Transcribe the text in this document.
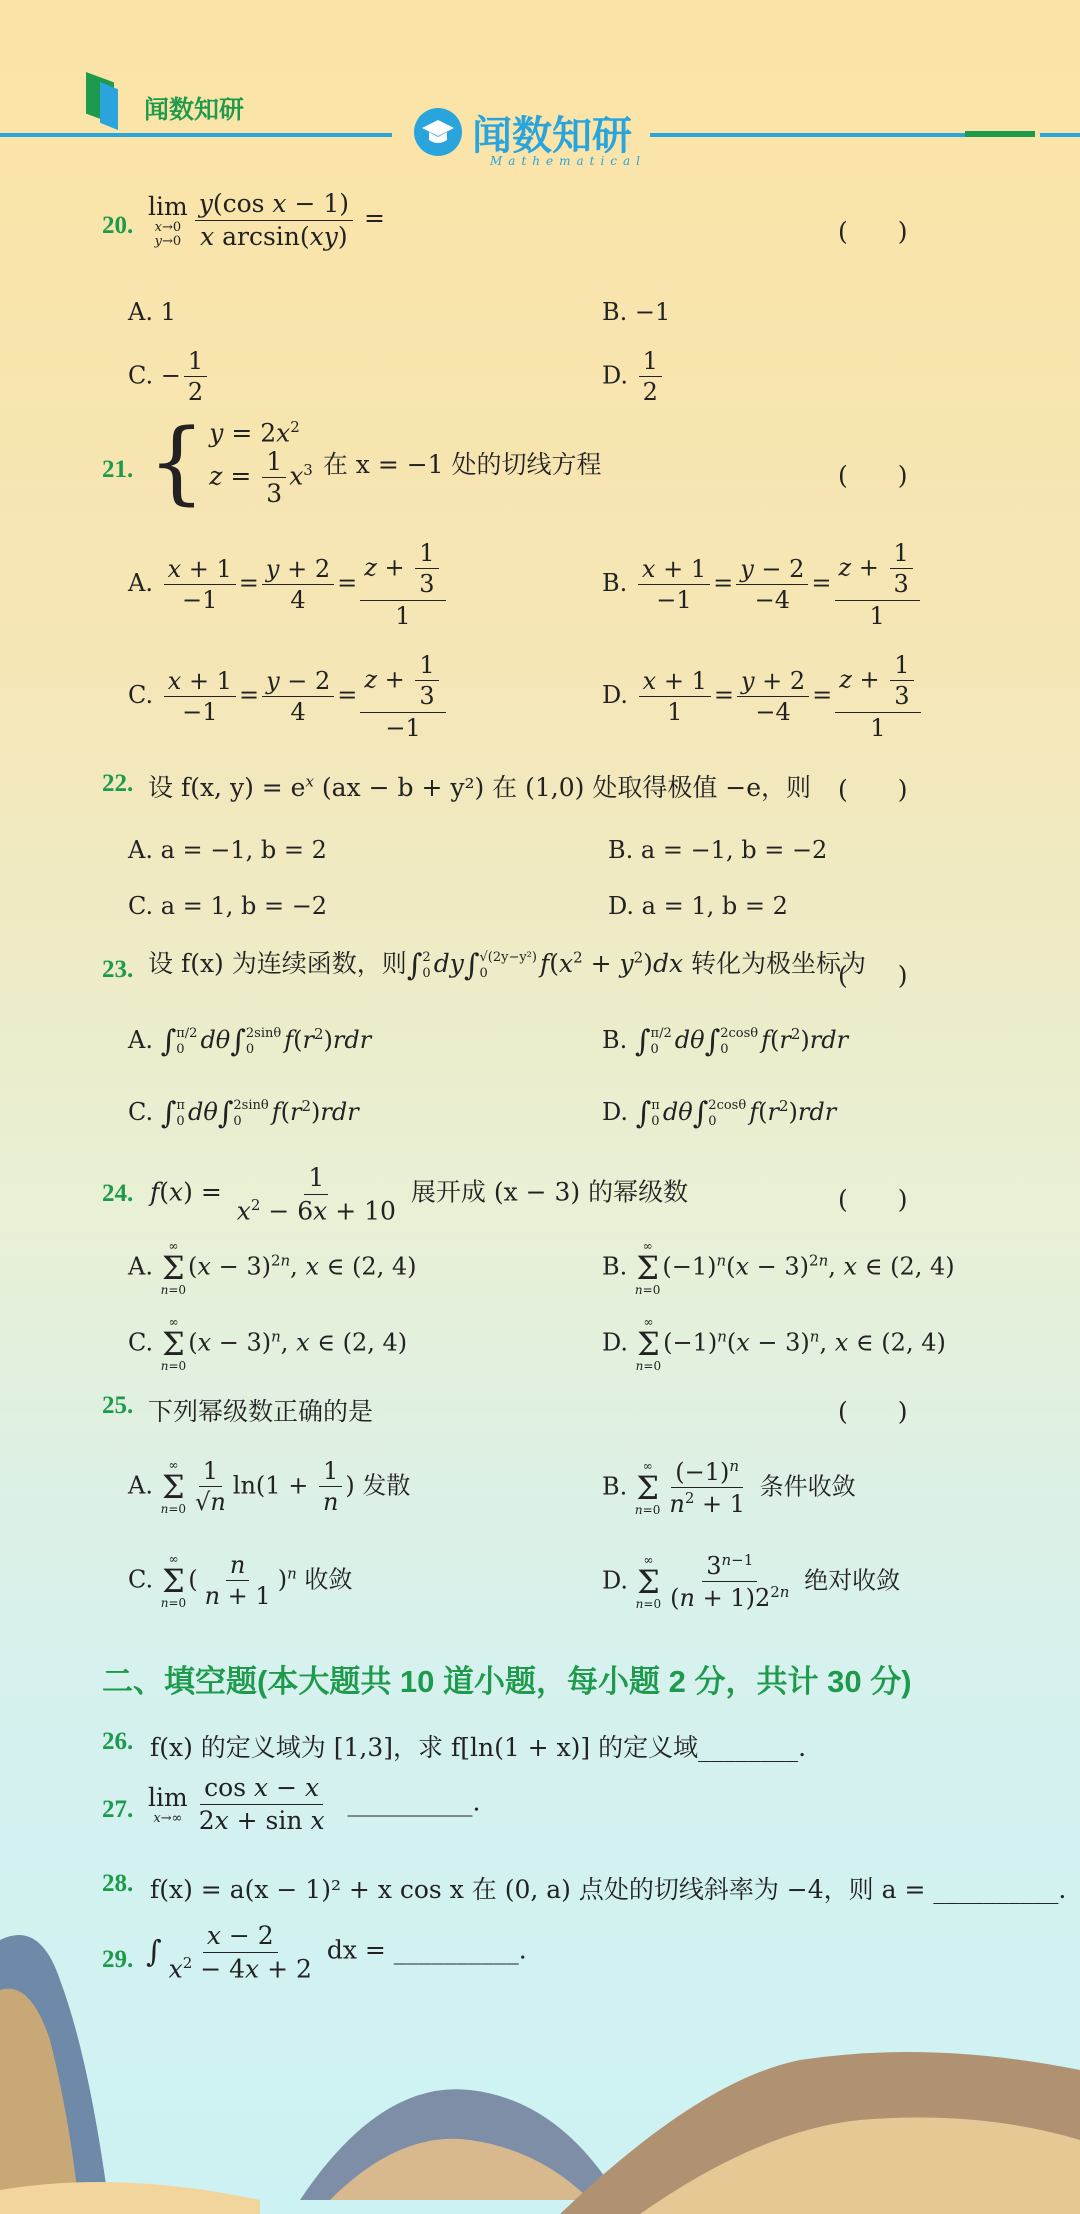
闻数知研
闻数知研
Mathematical
20.
lim
x→0
$y\to 0 \frac{\text{y(cos x − 1)}}{\text{x arcsin(xy)}}$ =	(　　)
A. 1	B. −1
C. − $\frac{1}{2}$	D. $\frac{1}{2}$
21. { $y = 2x^2$
$z = \frac{1}{3} x^3$ 在 x = −1 处的切线方程	(　　)
A. $\frac{x + 1}{-1} = \frac{y + 2}{4} = \frac{z + \frac{1}{3}}{1}$	B. $\frac{x + 1}{-1} = \frac{y - 2}{-4} = \frac{z + \frac{1}{3}}{1}$
C. $\frac{x + 1}{-1} = \frac{y - 2}{4} = \frac{z + \frac{1}{3}}{-1}$	D. $\frac{x + 1}{1} = \frac{y + 2}{-4} = \frac{z + \frac{1}{3}}{1}$
22. 设 f(x, $y) = e^x$ (ax − b + y²) 在 (1,0) 处取得极值 −e，则 (　　)
A. a = −1, b = 2	B. a = −1, b = −2
C. a = 1, b = −2	D. a = 1, b = 2
23. 设 f(x) 为连续函数，则∫ 2
0 dy∫ √(2y−y²)
0	$f(x^2 + y^2)dx$ 转化为极坐标为
(　　)
A. ∫ π/2
0 dθ∫ 2sinθ
0	$f(r^2)rdr$	B. ∫ π/2
0 dθ∫ 2cosθ
0	$f(r^2)rdr$
C. ∫ π
0 dθ∫ 2sinθ
0	$f(r^2)rdr$	D. ∫ π
0 dθ∫ 2cosθ
0	$f(r^2)rdr$
24. $f(x) = \frac{1}{x^2 - 6x + 10}$ 展开成 (x − 3) 的幂级数	(　　)
A.
∞
Σ
n=0
$(x - 3)^{2n}$, x ∈ (2, 4)	B.
∞
Σ
n=0
$(-1)^n(x - 3)^{2n}$, x ∈ (2, 4)
C.
∞
Σ
n=0
$(x - 3)^n$, x ∈ (2, 4)	D.
∞
Σ
n=0
$(-1)^n(x - 3)^n$, x ∈ (2, 4)
25. 下列幂级数正确的是	(　　)
A.
∞
Σ
$n=0 \frac{1}{√n} \ln(1 + \frac{1}{n}$ ) 发散	B.
∞
Σ
$n=0 \frac{(-1)^n}{n^2 + 1}$ 条件收敛
C.
∞
Σ
n=0
( $\frac{n}{n + 1} )^n$ 收敛	D.
∞
Σ
$n=0 \frac{3^{n-1}}{(n + 1)2^{2n}}$ 绝对收敛
二、填空题(本大题共 10 道小题，每小题 2 分，共计 30 分)
26. f(x) 的定义域为 [1,3]，求 f[ln(1 + x)] 的定义域________.
27. lim
$x\to\infty \frac{\text{cos x − x}}{\text{2x + sin x}}$ __________.
28. f(x) = a(x − 1)² + x cos x 在 (0, a) 点处的切线斜率为 −4，则 a = __________.
29. ∫ $\frac{x - 2}{x^2 - 4x + 2}$ dx = __________.
